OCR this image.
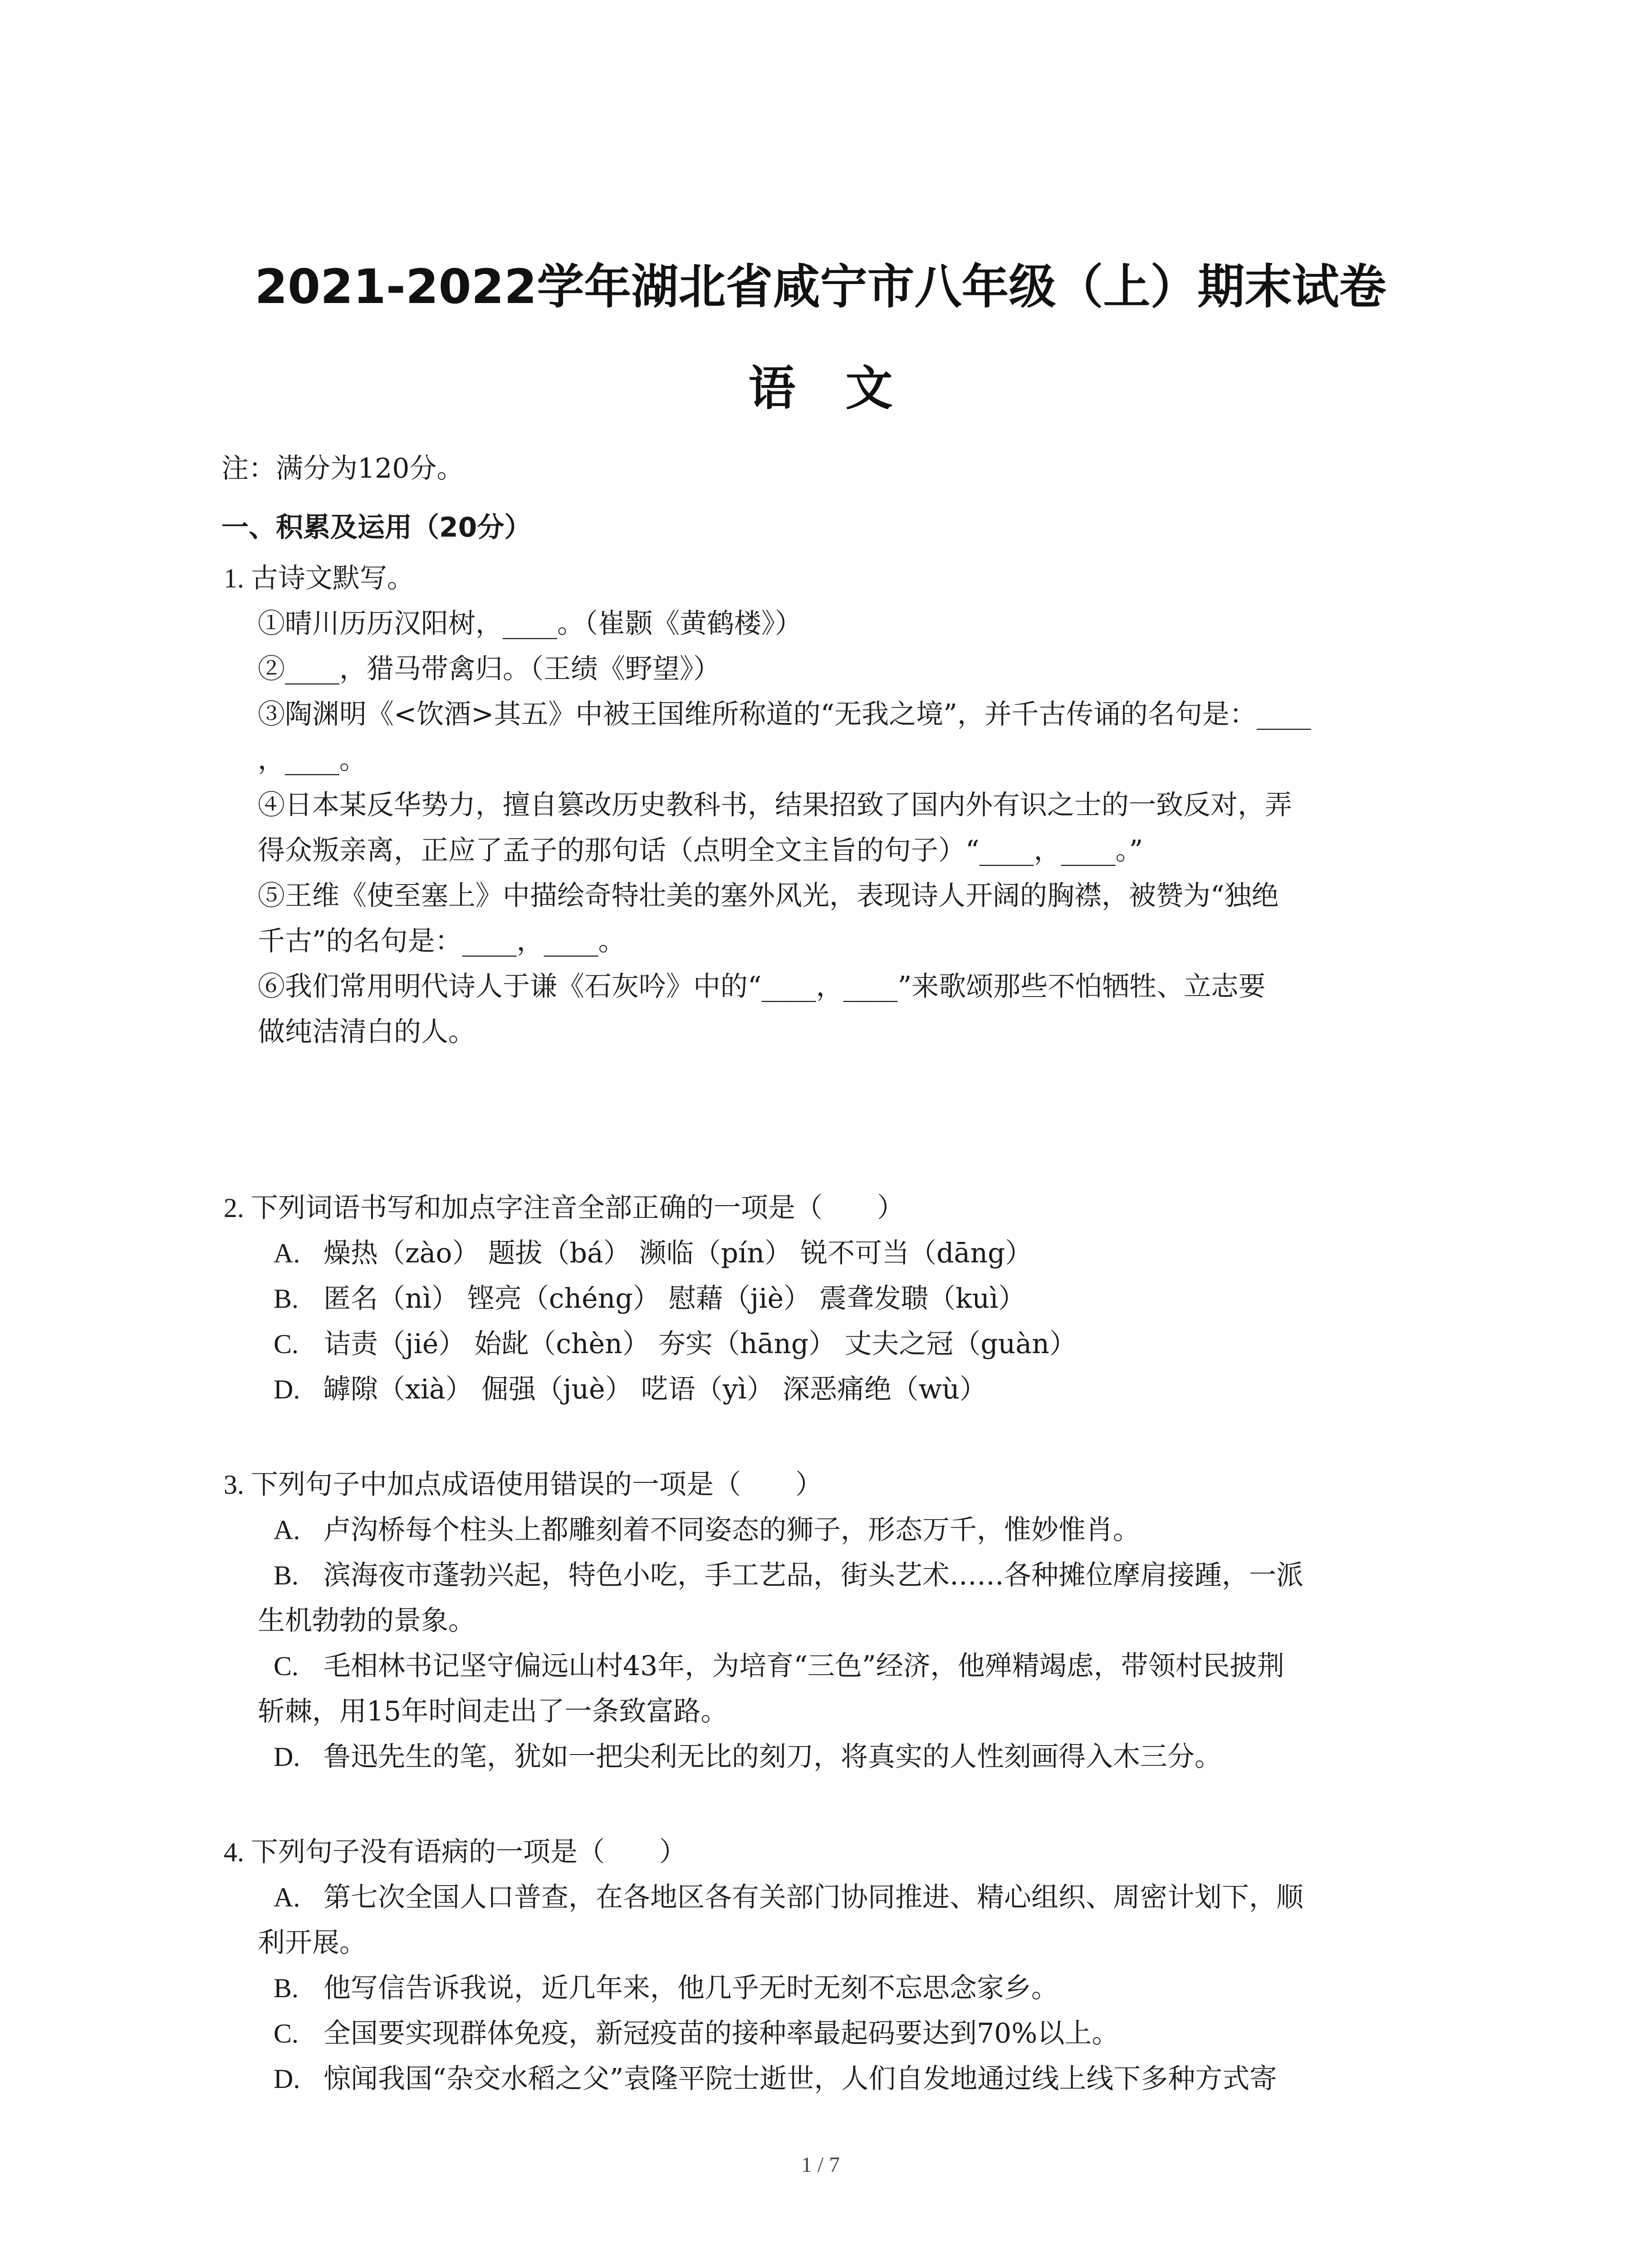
2021-2022学年湖北省咸宁市八年级（上）期末试卷
语文
注：满分为120分。
一、积累及运用（20分）
1. 古诗文默写。
①晴川历历汉阳树，____。（崔颢《黄鹤楼》）
②____，猎马带禽归。（王绩《野望》）
③陶渊明《<饮酒>其五》中被王国维所称道的“无我之境”，并千古传诵的名句是：____
，____。
④日本某反华势力，擅自篡改历史教科书，结果招致了国内外有识之士的一致反对，弄
得众叛亲离，正应了孟子的那句话（点明全文主旨的句子）“____，____。”
⑤王维《使至塞上》中描绘奇特壮美的塞外风光，表现诗人开阔的胸襟，被赞为“独绝
千古”的名句是：____，____。
⑥我们常用明代诗人于谦《石灰吟》中的“____，____”来歌颂那些不怕牺牲、立志要
做纯洁清白的人。
2. 下列词语书写和加点字注音全部正确的一项是（　　）
A. 燥热（zào） 题拔（bá） 濒临（pín） 锐不可当（dāng）
B. 匿名（nì） 铿亮（chéng） 慰藉（jiè） 震聋发聩（kuì）
C. 诘责（jié） 始龀（chèn） 夯实（hāng） 丈夫之冠（guàn）
D. 罅隙（xià） 倔强（juè） 呓语（yì） 深恶痛绝（wù）
3. 下列句子中加点成语使用错误的一项是（　　）
A. 卢沟桥每个柱头上都雕刻着不同姿态的狮子，形态万千，惟妙惟肖。
B. 滨海夜市蓬勃兴起，特色小吃，手工艺品，街头艺术……各种摊位摩肩接踵，一派
生机勃勃的景象。
C. 毛相林书记坚守偏远山村43年，为培育“三色”经济，他殚精竭虑，带领村民披荆
斩棘，用15年时间走出了一条致富路。
D. 鲁迅先生的笔，犹如一把尖利无比的刻刀，将真实的人性刻画得入木三分。
4. 下列句子没有语病的一项是（　　）
A. 第七次全国人口普查，在各地区各有关部门协同推进、精心组织、周密计划下，顺
利开展。
B. 他写信告诉我说，近几年来，他几乎无时无刻不忘思念家乡。
C. 全国要实现群体免疫，新冠疫苗的接种率最起码要达到70%以上。
D. 惊闻我国“杂交水稻之父”袁隆平院士逝世，人们自发地通过线上线下多种方式寄
1 / 7
